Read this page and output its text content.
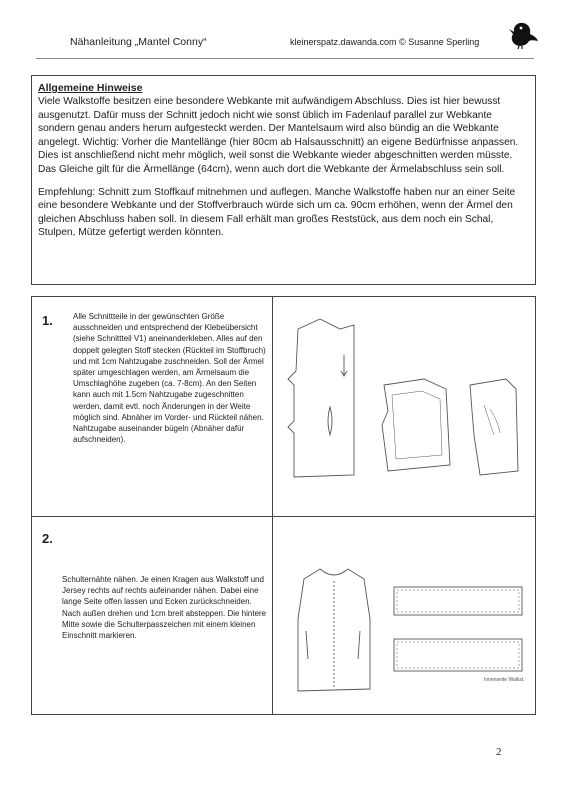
Nähanleitung „Mantel Conny“	kleinerspatz.dawanda.com © Susanne Sperling
Allgemeine Hinweise

Viele Walkstoffe besitzen eine besondere Webkante mit aufwändigem Abschluss. Dies ist hier bewusst ausgenutzt. Dafür muss der Schnitt jedoch nicht wie sonst üblich im Fadenlauf parallel zur Webkante sondern genau anders herum aufgesteckt werden. Der Mantelsaum wird also bündig an die Webkante angelegt. Wichtig: Vorher die Mantellänge (hier 80cm ab Halsausschnitt) an eigene Bedürfnisse anpassen. Dies ist anschließend nicht mehr möglich, weil sonst die Webkante wieder abgeschnitten werden müsste. Das Gleiche gilt für die Ärmellänge (64cm), wenn auch dort die Webkante der Ärmelabschluss sein soll.

Empfehlung: Schnitt zum Stoffkauf mitnehmen und auflegen. Manche Walkstoffe haben nur an einer Seite eine besondere Webkante und der Stoffverbrauch würde sich um ca. 90cm erhöhen, wenn der Ärmel den gleichen Abschluss haben soll. In diesem Fall erhält man großes Reststück, aus dem noch ein Schal, Stulpen, Mütze gefertigt werden könnten.

1.	Alle Schnittteile in der gewünschten Größe ausschneiden und entsprechend der Klebeübersicht (siehe Schnittteil V1) aneinanderkleben. Alles auf den doppelt gelegten Stoff stecken (Rückteil im Stoffbruch) und mit 1cm Nahtzugabe zuschneiden. Soll der Ärmel später umgeschlagen werden, am Ärmelsaum die Umschlaghöhe zugeben (ca. 7-8cm). An den Seiten kann auch mit 1.5cm Nahtzugabe zugeschnitten werden, damit evtl. noch Änderungen in der Weite möglich sind. Abnäher im Vorder- und Rückteil nähen. Nahtzugabe auseinander bügeln (Abnäher dafür aufschneiden).
2.
Schulternähte nähen. Je einen Kragen aus Walkstoff und Jersey rechts auf rechts aufeinander nähen. Dabei eine lange Seite offen lassen und Ecken zurückschneiden. Nach außen drehen und 1cm breit absteppen. Die hintere Mitte sowie die Schulterpasszeichen mit einem kleinen Einschnitt markieren.
Innenseite Walkst.
2
